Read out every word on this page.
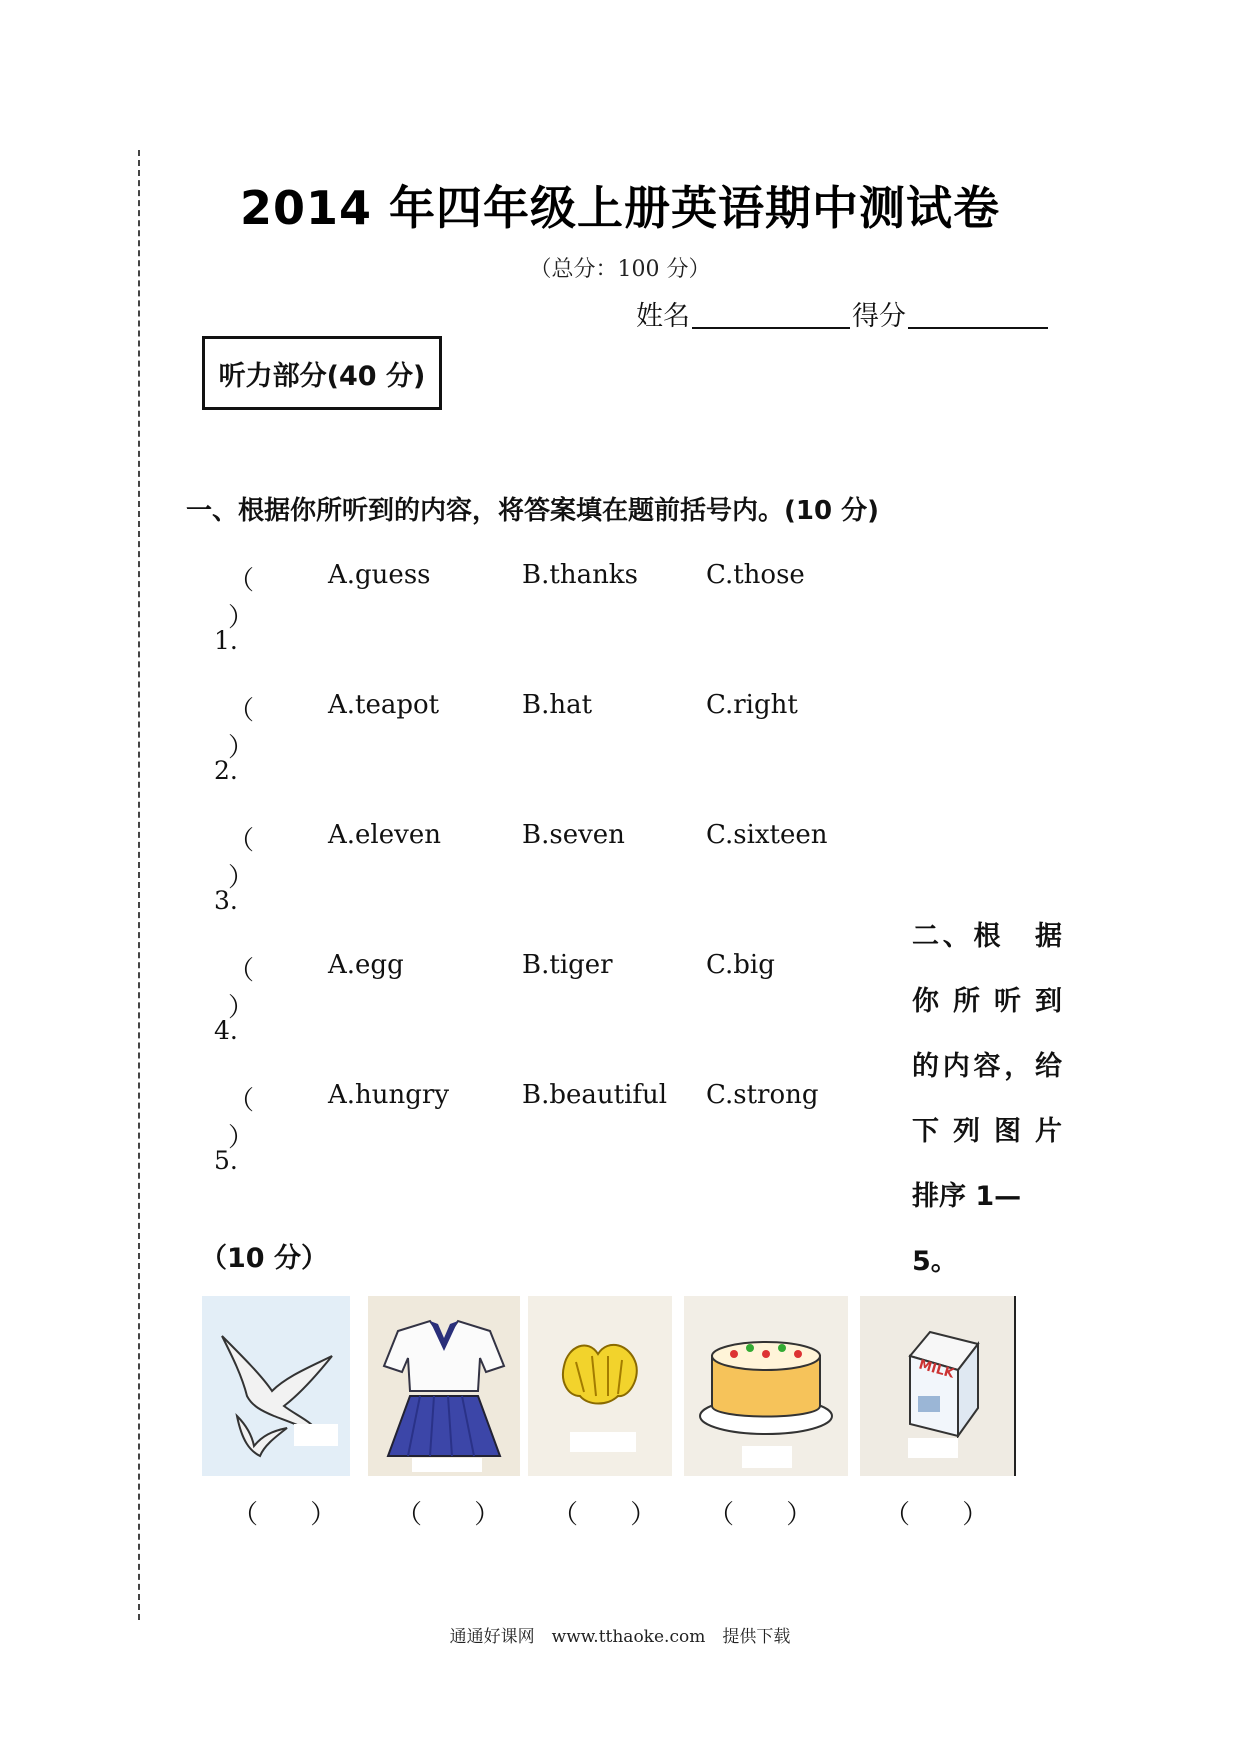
2014 年四年级上册英语期中测试卷
（总分：100 分）
姓名	得分
听力部分(40 分)
一、根据你所听到的内容，将答案填在题前括号内。(10 分)
（ ）
A.guess	B.thanks	C.those
1.
（ ）
A.teapot	B.hat	C.right
2.
（ ）
A.eleven	B.seven	C.sixteen
3.
（ ）
A.egg	B.tiger	C.big
4.
（ ）
A.hungry	B.beautiful C.strong
5.
二、根　据
你所听到
的内容，给
下列图片
排序 1—5。
（10 分）
MILK
（ ） （ ） （ ） （ ） （ ）
通通好课网　www.tthaoke.com　提供下载
